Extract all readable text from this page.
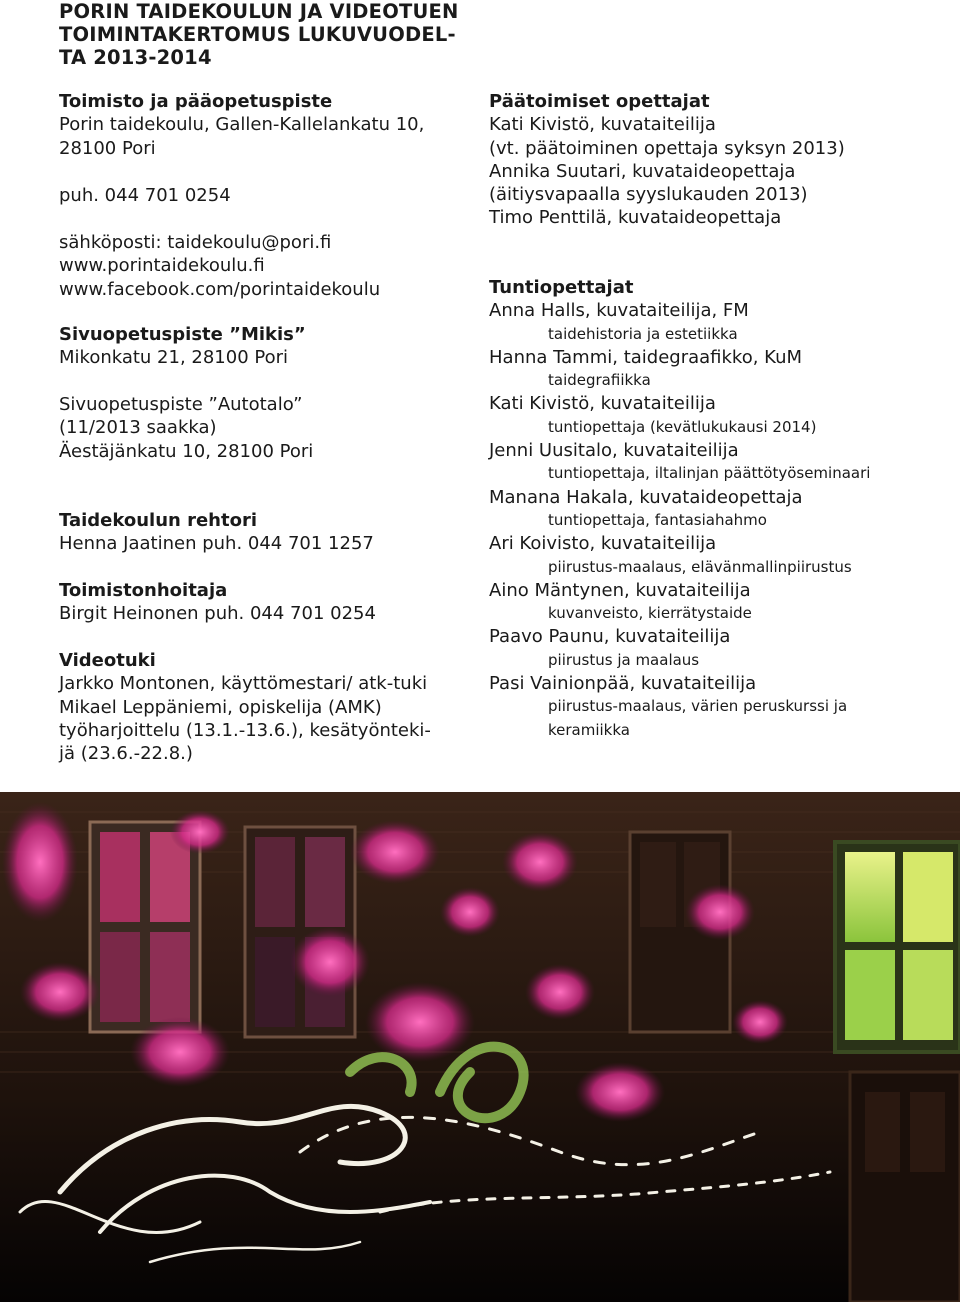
PORIN TAIDEKOULUN JA VIDEOTUEN
TOIMINTAKERTOMUS LUKUVUODEL-
TA 2013-2014
Toimisto ja pääopetuspiste
Porin taidekoulu, Gallen-Kallelankatu 10,
28100 Pori
puh. 044 701 0254
sähköposti: taidekoulu@pori.ﬁ
www.porintaidekoulu.ﬁ
www.facebook.com/porintaidekoulu
Sivuopetuspiste ”Mikis”
Mikonkatu 21, 28100 Pori
Sivuopetuspiste ”Autotalo”
(11/2013 saakka)
Äestäjänkatu 10, 28100 Pori
Taidekoulun rehtori
Henna Jaatinen puh. 044 701 1257
Toimistonhoitaja
Birgit Heinonen puh. 044 701 0254
Videotuki
Jarkko Montonen, käyttömestari/ atk-tuki
Mikael Leppäniemi, opiskelija (AMK)
työharjoittelu (13.1.-13.6.), kesätyönteki-
jä (23.6.-22.8.)
Päätoimiset opettajat
Kati Kivistö, kuvataiteilija
(vt. päätoiminen opettaja syksyn 2013)
Annika Suutari, kuvataideopettaja
(äitiysvapaalla syyslukauden 2013)
Timo Penttilä, kuvataideopettaja
Tuntiopettajat
Anna Halls, kuvataiteilija, FM
taidehistoria ja estetiikka
Hanna Tammi, taidegraaﬁkko, KuM
taidegraﬁikka
Kati Kivistö, kuvataiteilija
tuntiopettaja (kevätlukukausi 2014)
Jenni Uusitalo, kuvataiteilija
tuntiopettaja, iltalinjan päättötyöseminaari
Manana Hakala, kuvataideopettaja
tuntiopettaja, fantasiahahmo
Ari Koivisto, kuvataiteilija
piirustus-maalaus, elävänmallinpiirustus
Aino Mäntynen, kuvataiteilija
kuvanveisto, kierrätystaide
Paavo Paunu, kuvataiteilija
piirustus ja maalaus
Pasi Vainionpää, kuvataiteilija
piirustus-maalaus, värien peruskurssi ja
keramiikka
